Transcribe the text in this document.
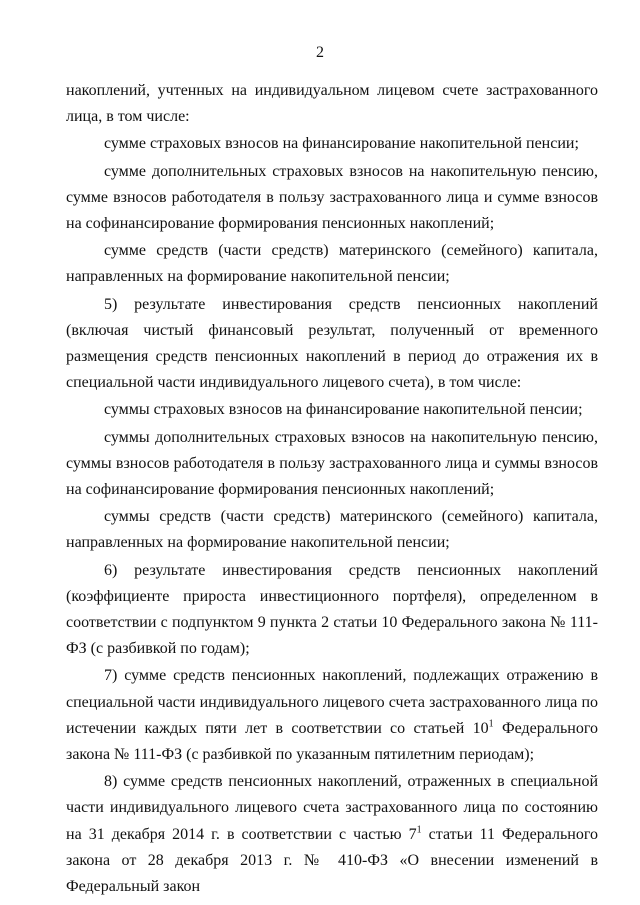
2

накоплений, учтенных на индивидуальном лицевом счете застрахованного лица, в том числе:

сумме страховых взносов на финансирование накопительной пенсии;

сумме дополнительных страховых взносов на накопительную пенсию, сумме взносов работодателя в пользу застрахованного лица и сумме взносов на софинансирование формирования пенсионных накоплений;

сумме средств (части средств) материнского (семейного) капитала, направленных на формирование накопительной пенсии;

5) результате инвестирования средств пенсионных накоплений (включая чистый финансовый результат, полученный от временного размещения средств пенсионных накоплений в период до отражения их в специальной части индивидуального лицевого счета), в том числе:

суммы страховых взносов на финансирование накопительной пенсии;

суммы дополнительных страховых взносов на накопительную пенсию, суммы взносов работодателя в пользу застрахованного лица и суммы взносов на софинансирование формирования пенсионных накоплений;

суммы средств (части средств) материнского (семейного) капитала, направленных на формирование накопительной пенсии;

6) результате инвестирования средств пенсионных накоплений (коэффициенте прироста инвестиционного портфеля), определенном в соответствии с подпунктом 9 пункта 2 статьи 10 Федерального закона № 111-ФЗ (с разбивкой по годам);

7) сумме средств пенсионных накоплений, подлежащих отражению в специальной части индивидуального лицевого счета застрахованного лица по истечении каждых пяти лет в соответствии со статьей $10^1$ Федерального закона № 111-ФЗ (с разбивкой по указанным пятилетним периодам);

8) сумме средств пенсионных накоплений, отраженных в специальной части индивидуального лицевого счета застрахованного лица по состоянию на 31 декабря 2014 г. в соответствии с частью $7^1$ статьи 11 Федерального закона от 28 декабря 2013 г. № 410-ФЗ «О внесении изменений в Федеральный закон
